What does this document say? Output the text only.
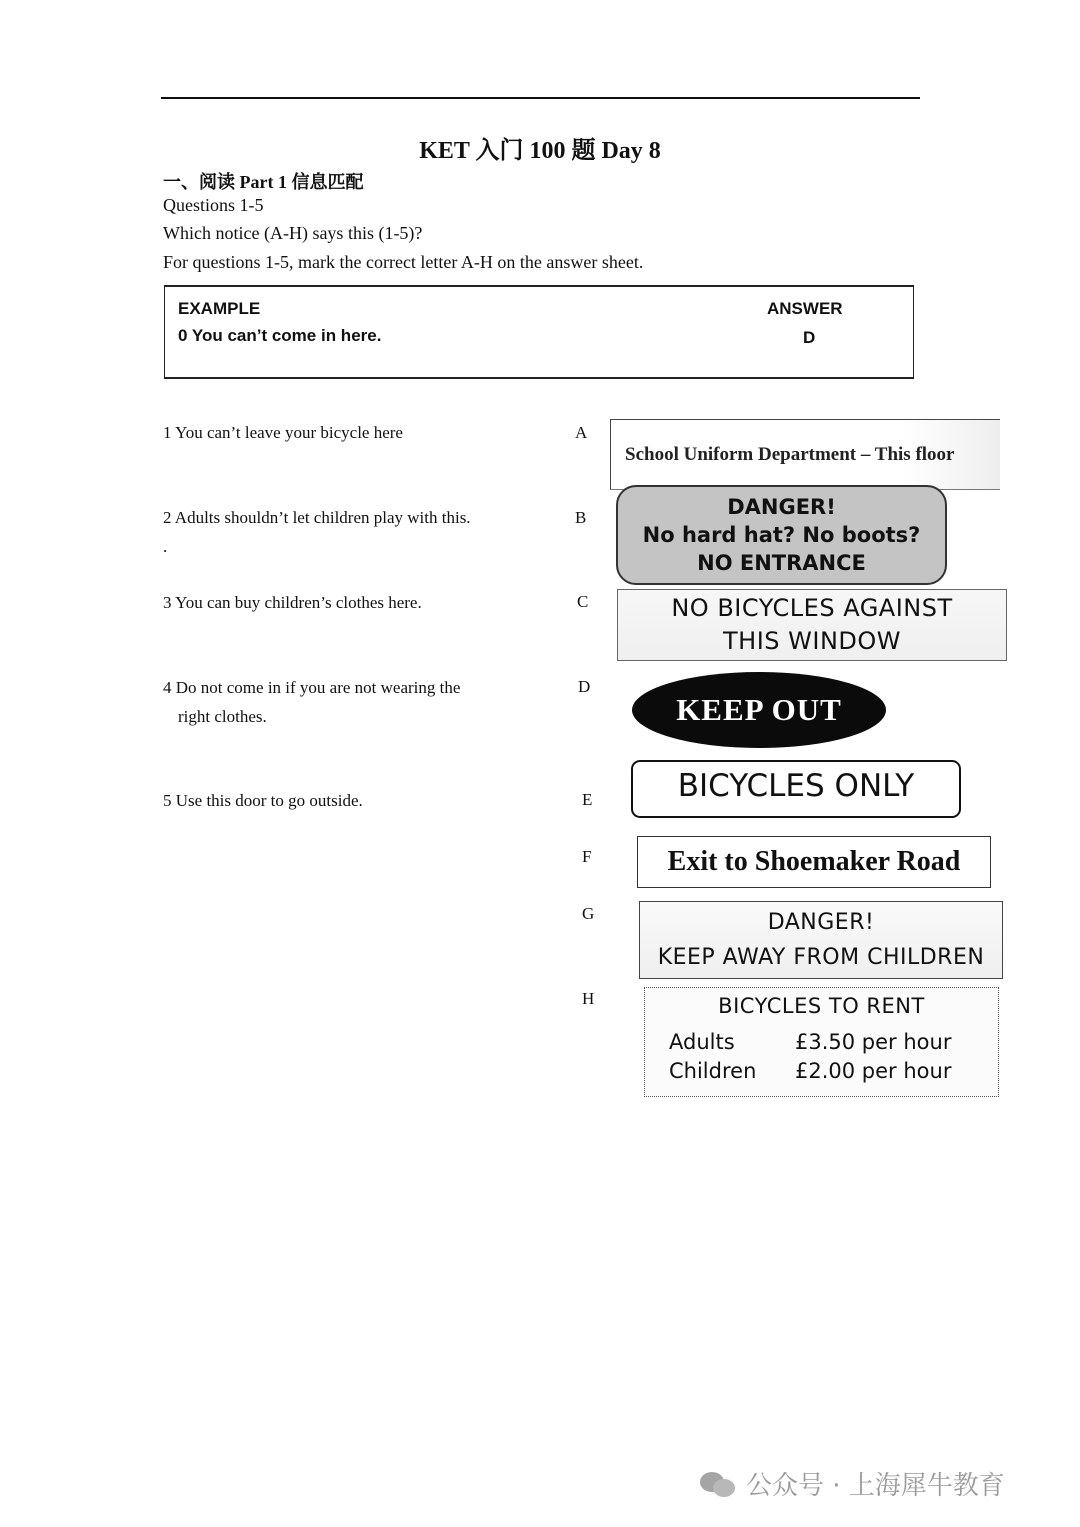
KET 入门 100 题 Day 8
一、阅读 Part 1 信息匹配
Questions 1-5
Which notice (A-H) says this (1-5)?
For questions 1-5, mark the correct letter A-H on the answer sheet.
EXAMPLE	ANSWER
0 You can’t come in here.	D
1 You can’t leave your bicycle here
2 Adults shouldn’t let children play with this.
.
3 You can buy children’s clothes here.
4 Do not come in if you are not wearing the
right clothes.
5 Use this door to go outside.
A
B
C
D
E
F
G
H
School Uniform Department – This floor
DANGER!
No hard hat? No boots?
NO ENTRANCE
NO BICYCLES AGAINST
THIS WINDOW
KEEP OUT
BICYCLES ONLY
Exit to Shoemaker Road
DANGER!
KEEP AWAY FROM CHILDREN
BICYCLES TO RENT
Adults	£3.50 per hour
Children £2.00 per hour
公众号 · 上海犀牛教育
